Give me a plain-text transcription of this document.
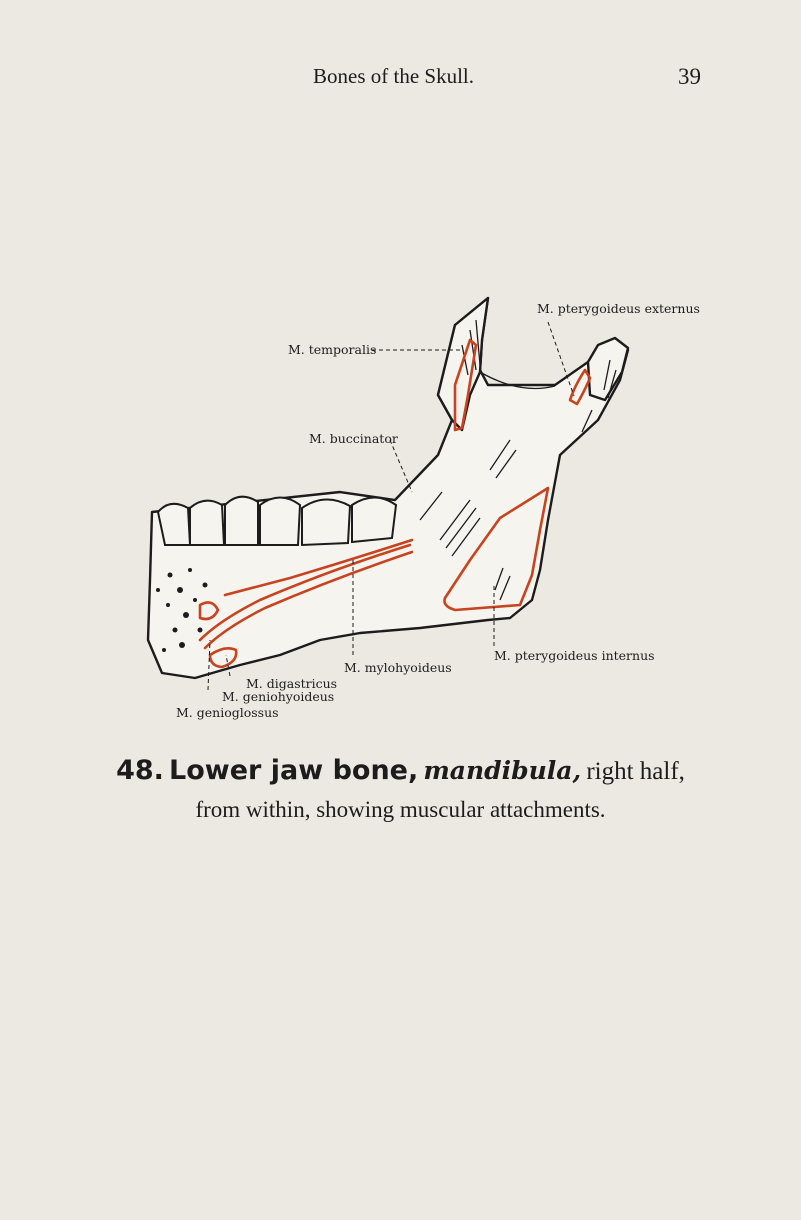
Bones of the Skull.	39
M. pterygoideus externus
M. temporalis
M. buccinator
M. pterygoideus internus
M. mylohyoideus
M. digastricus
M. geniohyoideus
M. genioglossus
48. Lower jaw bone, mandibula, right half,
from within, showing muscular attachments.
